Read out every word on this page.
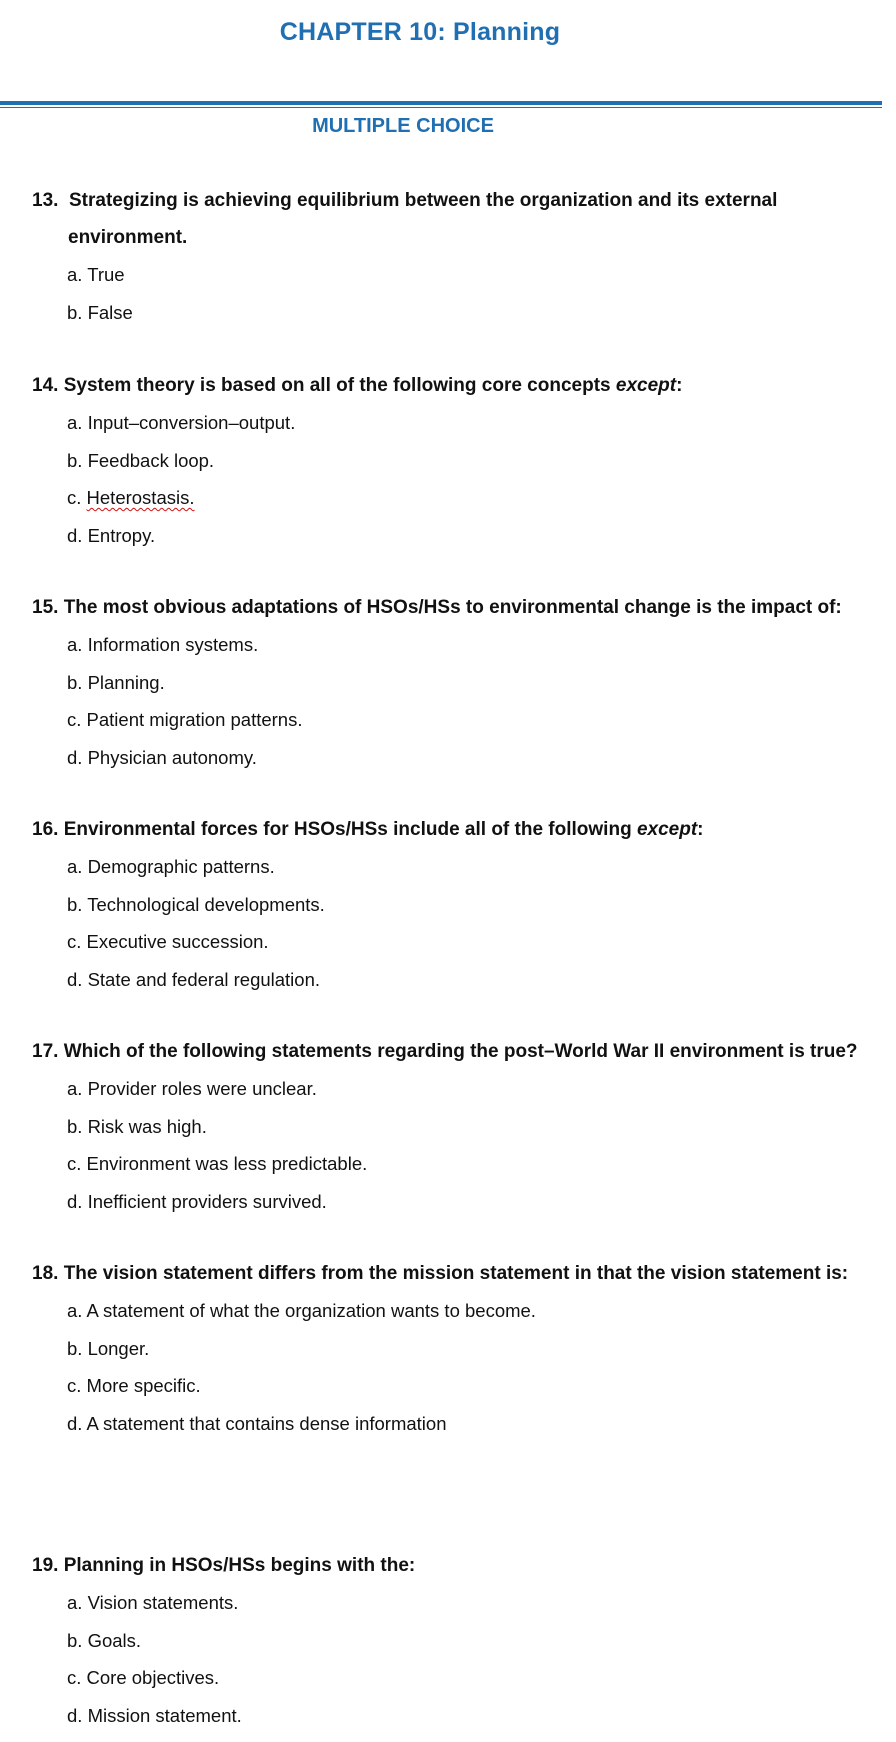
CHAPTER 10: Planning
MULTIPLE CHOICE

13. Strategizing is achieving equilibrium between the organization and its external
environment.

a. True
b. False

14. System theory is based on all of the following core concepts except:

a. Input–conversion–output.
b. Feedback loop.
c. Heterostasis.
d. Entropy.

15. The most obvious adaptations of HSOs/HSs to environmental change is the impact of:

a. Information systems.
b. Planning.
c. Patient migration patterns.
d. Physician autonomy.

16. Environmental forces for HSOs/HSs include all of the following except:

a. Demographic patterns.
b. Technological developments.
c. Executive succession.
d. State and federal regulation.

17. Which of the following statements regarding the post–World War II environment is true?

a. Provider roles were unclear.
b. Risk was high.
c. Environment was less predictable.
d. Inefficient providers survived.

18. The vision statement differs from the mission statement in that the vision statement is:

a. A statement of what the organization wants to become.
b. Longer.
c. More specific.
d. A statement that contains dense information

19. Planning in HSOs/HSs begins with the:

a. Vision statements.
b. Goals.
c. Core objectives.
d. Mission statement.
